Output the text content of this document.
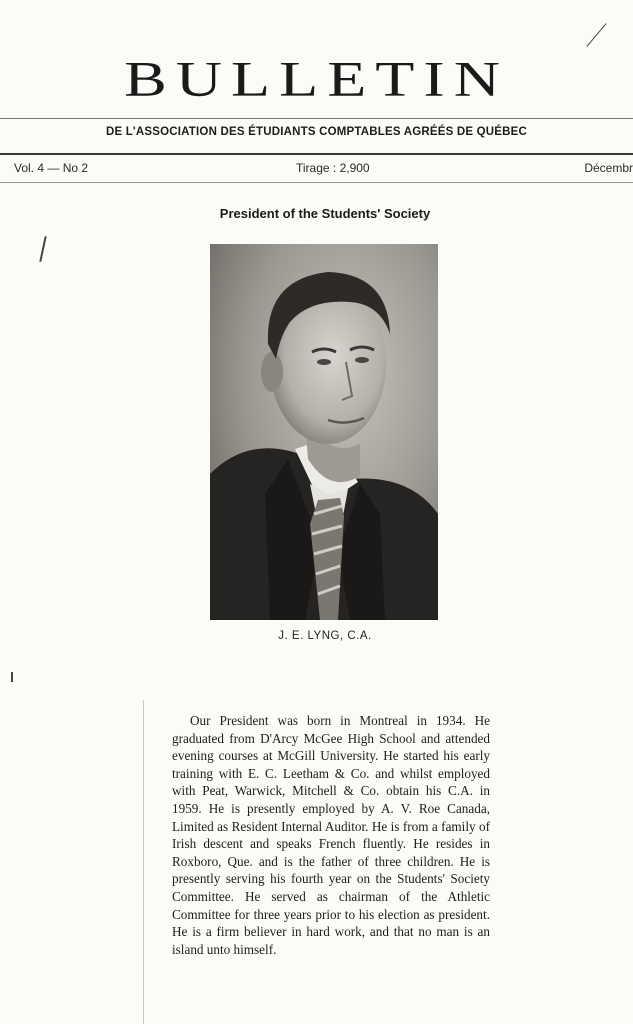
BULLETIN
DE L'ASSOCIATION DES ÉTUDIANTS COMPTABLES AGRÉÉS DE QUÉBEC
Vol. 4 — No 2	Tirage : 2,900	Décembr
President of the Students' Society
J. E. LYNG, C.A.
Our President was born in Montreal in 1934. He graduated from D'Arcy McGee High School and attended evening courses at McGill University. He started his early training with E. C. Leetham & Co. and whilst employed with Peat, Warwick, Mitchell & Co. obtain his C.A. in 1959. He is presently employed by A. V. Roe Canada, Limited as Resident Internal Auditor. He is from a family of Irish descent and speaks French fluently. He resides in Roxboro, Que. and is the father of three children. He is presently serving his fourth year on the Students' Society Committee. He served as chairman of the Athletic Committee for three years prior to his election as president. He is a firm believer in hard work, and that no man is an island unto himself.
